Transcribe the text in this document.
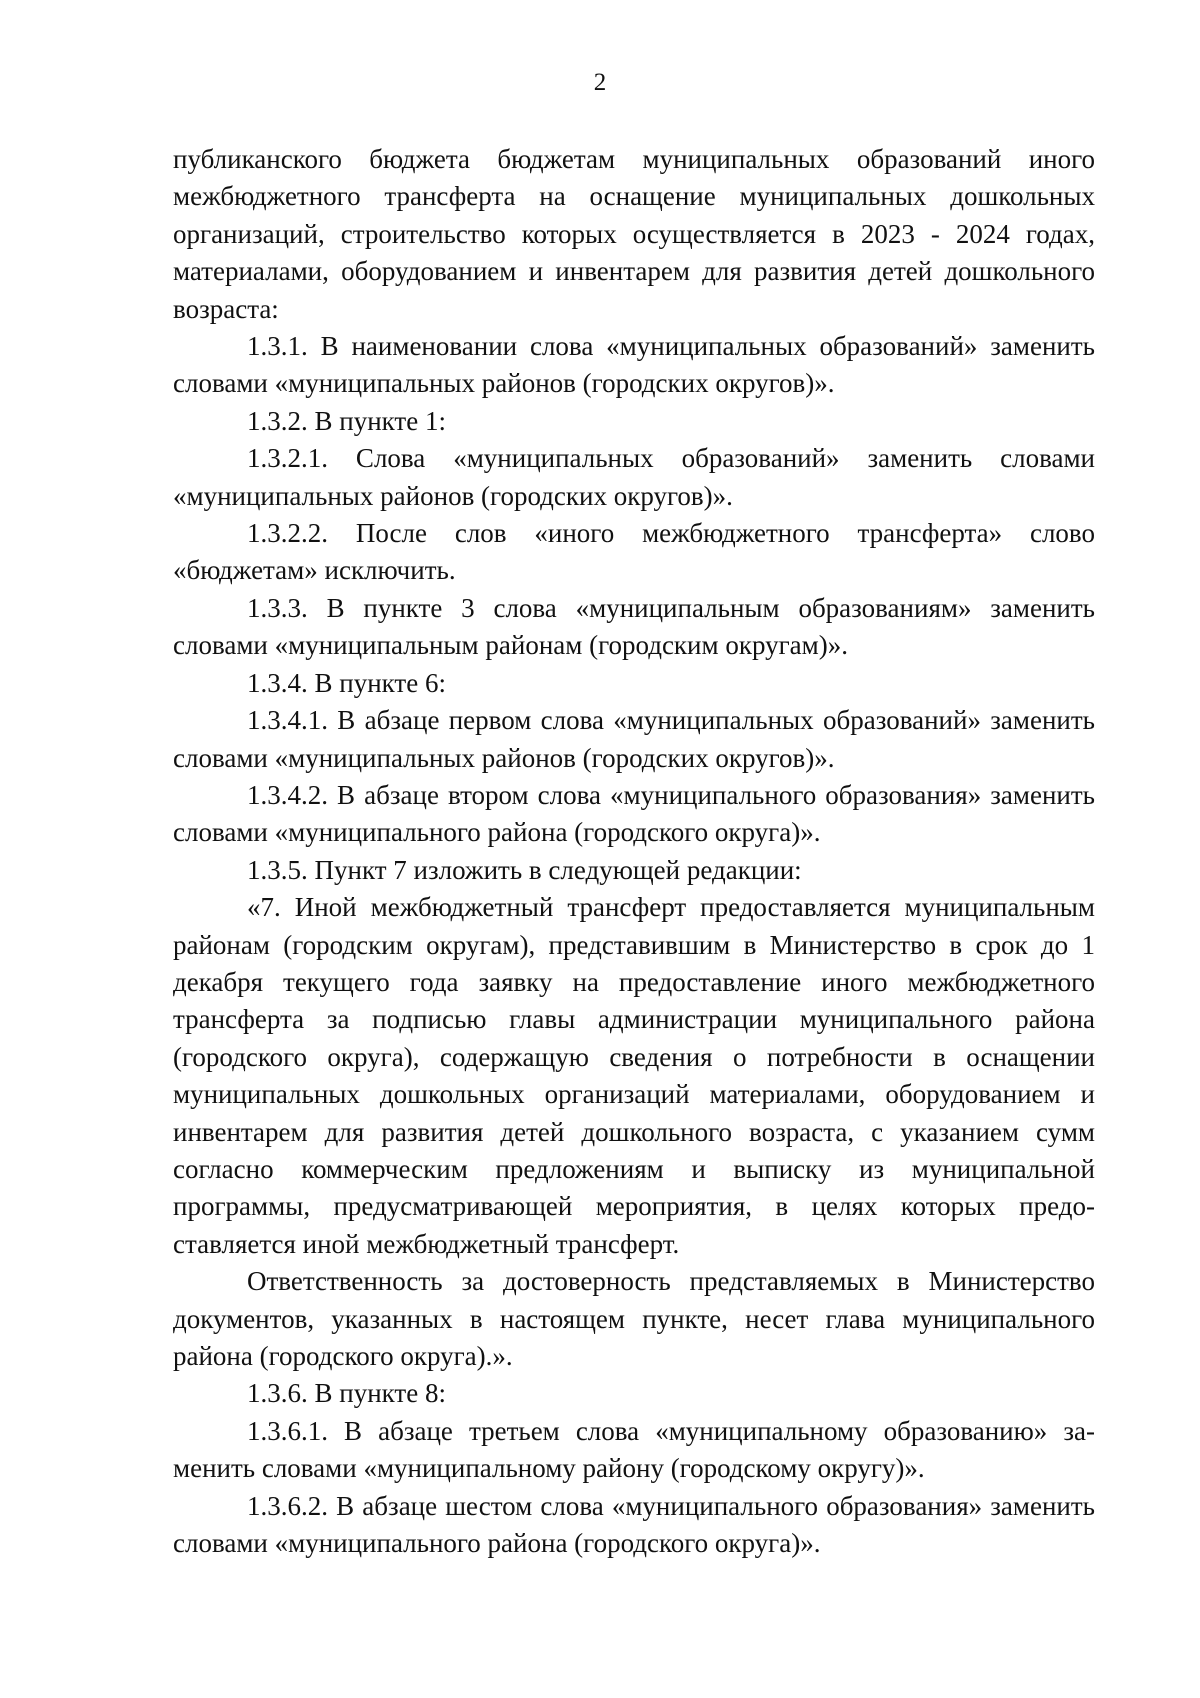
2

публиканского бюджета бюджетам муниципальных образований иного межбюджетного трансферта на оснащение муниципальных дошкольных организаций, строительство которых осуществляется в 2023 - 2024 годах, материалами, оборудованием и инвентарем для развития детей дошкольного возраста:

1.3.1. В наименовании слова «муниципальных образований» заменить словами «муниципальных районов (городских округов)».

1.3.2. В пункте 1:

1.3.2.1. Слова «муниципальных образований» заменить словами «муниципальных районов (городских округов)».

1.3.2.2. После слов «иного межбюджетного трансферта» слово «бюджетам» исключить.

1.3.3. В пункте 3 слова «муниципальным образованиям» заменить словами «муниципальным районам (городским округам)».

1.3.4. В пункте 6:

1.3.4.1. В абзаце первом слова «муниципальных образований» заменить словами «муниципальных районов (городских округов)».

1.3.4.2. В абзаце втором слова «муниципального образования» заменить словами «муниципального района (городского округа)».

1.3.5. Пункт 7 изложить в следующей редакции:

«7. Иной межбюджетный трансферт предоставляется муниципальным районам (городским округам), представившим в Министерство в срок до 1 декабря текущего года заявку на предоставление иного межбюджетного трансферта за подписью главы администрации муниципального района (городского округа), содержащую сведения о потребности в оснащении муниципальных дошкольных организаций материалами, оборудованием и инвентарем для развития детей дошкольного возраста, с указанием сумм согласно коммерческим предложениям и выписку из муниципальной программы, предусматривающей мероприятия, в целях которых предоставляется иной межбюджетный трансферт.

Ответственность за достоверность представляемых в Министерство документов, указанных в настоящем пункте, несет глава муниципального района (городского округа).».

1.3.6. В пункте 8:

1.3.6.1. В абзаце третьем слова «муниципальному образованию» заменить словами «муниципальному району (городскому округу)».

1.3.6.2. В абзаце шестом слова «муниципального образования» заменить словами «муниципального района (городского округа)».
